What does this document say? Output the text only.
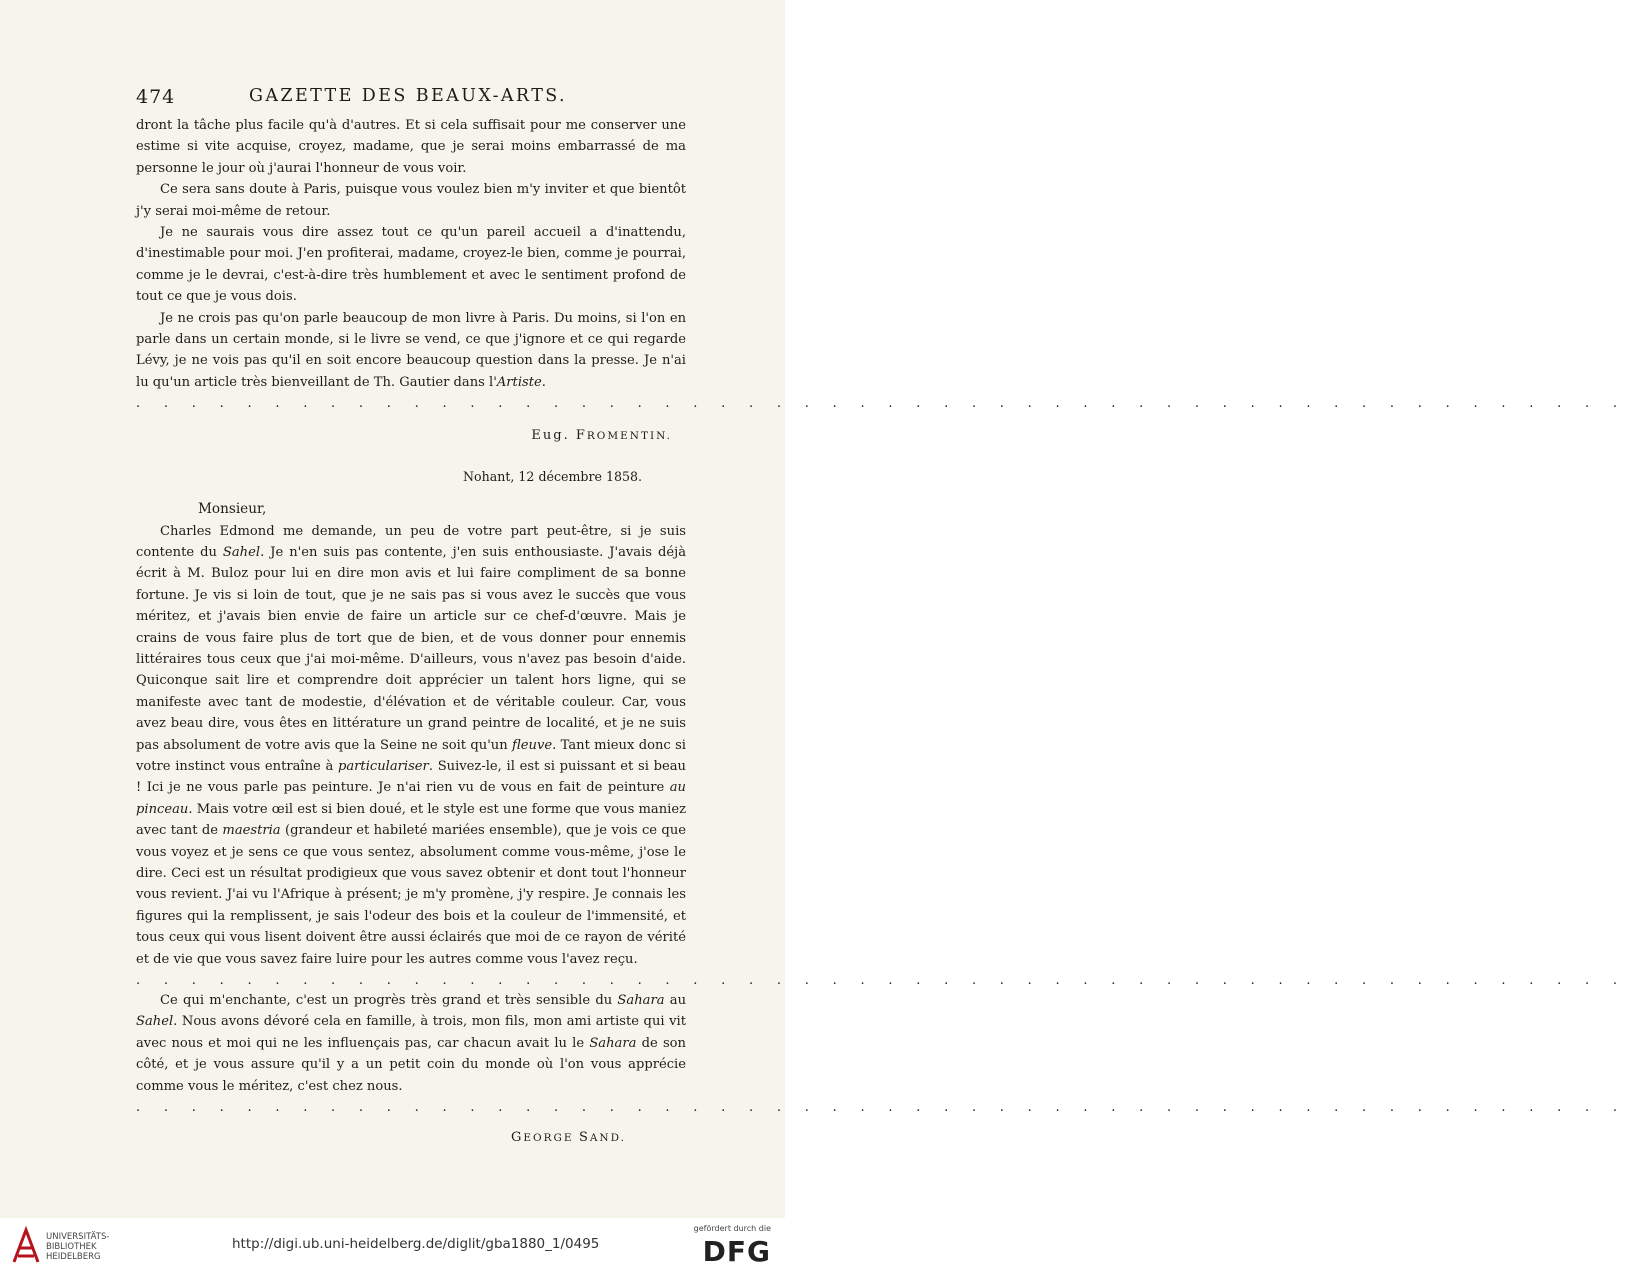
474	GAZETTE DES BEAUX-ARTS.

dront la tâche plus facile qu'à d'autres. Et si cela suffisait pour me conserver une estime si vite acquise, croyez, madame, que je serai moins embarrassé de ma personne le jour où j'aurai l'honneur de vous voir.

Ce sera sans doute à Paris, puisque vous voulez bien m'y inviter et que bientôt j'y serai moi-même de retour.

Je ne saurais vous dire assez tout ce qu'un pareil accueil a d'inattendu, d'inestimable pour moi. J'en profiterai, madame, croyez-le bien, comme je pourrai, comme je le devrai, c'est-à-dire très humblement et avec le sentiment profond de tout ce que je vous dois.

Je ne crois pas qu'on parle beaucoup de mon livre à Paris. Du moins, si l'on en parle dans un certain monde, si le livre se vend, ce que j'ignore et ce qui regarde Lévy, je ne vois pas qu'il en soit encore beaucoup question dans la presse. Je n'ai lu qu'un article très bienveillant de Th. Gautier dans l'Artiste.

. . . . . . . . . . . . . . . . . . . . . . . . . . . . . . . . . . . . . . . . . . . . . . . . . . . . . .
Eug. FROMENTIN.
Nohant, 12 décembre 1858.
Monsieur,

Charles Edmond me demande, un peu de votre part peut-être, si je suis contente du Sahel. Je n'en suis pas contente, j'en suis enthousiaste. J'avais déjà écrit à M. Buloz pour lui en dire mon avis et lui faire compliment de sa bonne fortune. Je vis si loin de tout, que je ne sais pas si vous avez le succès que vous méritez, et j'avais bien envie de faire un article sur ce chef-d'œuvre. Mais je crains de vous faire plus de tort que de bien, et de vous donner pour ennemis littéraires tous ceux que j'ai moi-même. D'ailleurs, vous n'avez pas besoin d'aide. Quiconque sait lire et comprendre doit apprécier un talent hors ligne, qui se manifeste avec tant de modestie, d'élévation et de véritable couleur. Car, vous avez beau dire, vous êtes en littérature un grand peintre de localité, et je ne suis pas absolument de votre avis que la Seine ne soit qu'un fleuve. Tant mieux donc si votre instinct vous entraîne à particulariser. Suivez-le, il est si puissant et si beau ! Ici je ne vous parle pas peinture. Je n'ai rien vu de vous en fait de peinture au pinceau. Mais votre œil est si bien doué, et le style est une forme que vous maniez avec tant de maestria (grandeur et habileté mariées ensemble), que je vois ce que vous voyez et je sens ce que vous sentez, absolument comme vous-même, j'ose le dire. Ceci est un résultat prodigieux que vous savez obtenir et dont tout l'honneur vous revient. J'ai vu l'Afrique à présent; je m'y promène, j'y respire. Je connais les figures qui la remplissent, je sais l'odeur des bois et la couleur de l'immensité, et tous ceux qui vous lisent doivent être aussi éclairés que moi de ce rayon de vérité et de vie que vous savez faire luire pour les autres comme vous l'avez reçu.

. . . . . . . . . . . . . . . . . . . . . . . . . . . . . . . . . . . . . . . . . . . . . . . . . . . . . .

Ce qui m'enchante, c'est un progrès très grand et très sensible du Sahara au Sahel. Nous avons dévoré cela en famille, à trois, mon fils, mon ami artiste qui vit avec nous et moi qui ne les influençais pas, car chacun avait lu le Sahara de son côté, et je vous assure qu'il y a un petit coin du monde où l'on vous apprécie comme vous le méritez, c'est chez nous.

. . . . . . . . . . . . . . . . . . . . . . . . . . . . . . . . . . . . . . . . . . . . . . . . . . . . . .
GEORGE SAND.
UNIVERSITÄTS-
BIBLIOTHEK
HEIDELBERG
http://digi.ub.uni-heidelberg.de/diglit/gba1880_1/0495
gefördert durch die
DFG
